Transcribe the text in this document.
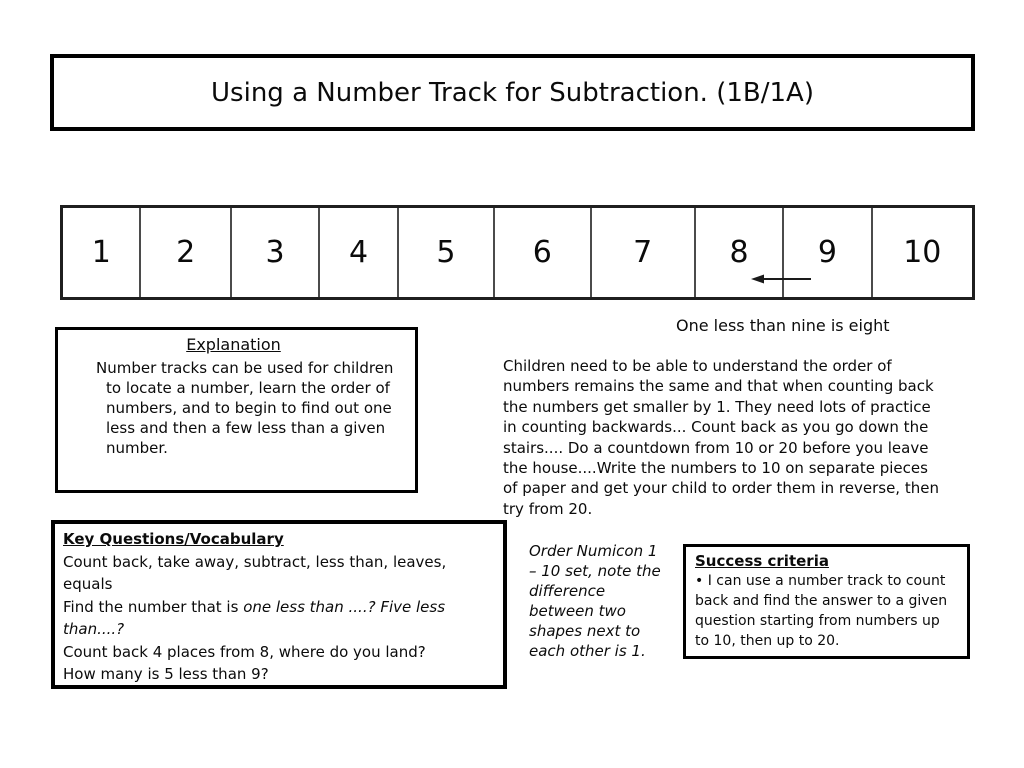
Using a Number Track for Subtraction. (1B/1A)
1	2	3	4	5	6	7	8	9	10
One less than nine is eight
Explanation
Number tracks can be used for children to locate a number, learn the order of numbers, and to begin to find out one less and then a few less than a given number.
Children need to be able to understand the order of numbers remains the same and that when counting back the numbers get smaller by 1. They need lots of practice in counting backwards... Count back as you go down the stairs.... Do a countdown from 10 or 20 before you leave the house....Write the numbers to 10 on separate pieces of paper and get your child to order them in reverse, then try from 20.
Key Questions/Vocabulary
Count back, take away, subtract, less than, leaves, equals
Find the number that is one less than ....? Five less than....?
Count back 4 places from 8, where do you land?
How many is 5 less than 9?
Order Numicon 1 – 10 set, note the difference between two shapes next to each other is 1.
Success criteria
• I can use a number track to count back and find the answer to a given question starting from numbers up to 10, then up to 20.
